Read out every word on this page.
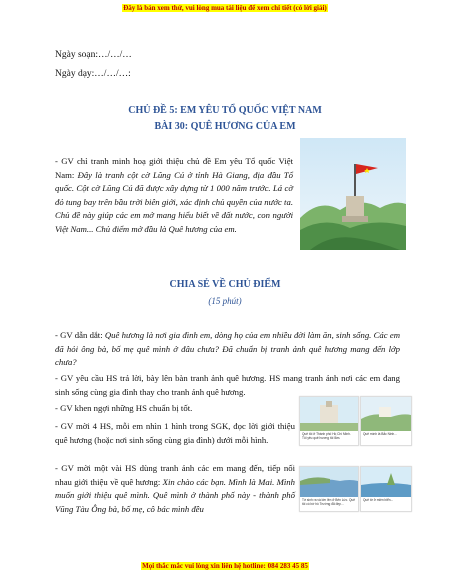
Đây là bản xem thử, vui lòng mua tài liệu để xem chi tiết (có lời giải)
Ngày soạn:…/…/…
Ngày dạy:…/…/…:
CHỦ ĐỀ 5: EM YÊU TỔ QUỐC VIỆT NAM
BÀI 30: QUÊ HƯƠNG CỦA EM
- GV chỉ tranh minh hoạ giới thiệu chủ đề Em yêu Tổ quốc Việt Nam: Đây là tranh cột cờ Lũng Cú ở tỉnh Hà Giang, địa đầu Tổ quốc. Cột cờ Lũng Cú đã được xây dựng từ 1 000 năm trước. Lá cờ đỏ tung bay trên bầu trời biên giới, xác định chủ quyền của nước ta. Chủ đề này giúp các em mở mang hiểu biết về đất nước, con người Việt Nam... Chủ điểm mở đầu là Quê hương của em.
CHIA SẺ VỀ CHỦ ĐIỂM
(15 phút)
- GV dẫn dắt: Quê hương là nơi gia đình em, dòng họ của em nhiều đời làm ăn, sinh sống. Các em đã hỏi ông bà, bố mẹ quê mình ở đâu chưa? Đã chuẩn bị tranh ảnh quê hương mang đến lớp chưa?
- GV yêu cầu HS trả lời, bày lên bàn tranh ảnh quê hương. HS mang tranh ảnh nơi các em đang sinh sống cùng gia đình thay cho tranh ảnh quê hương.
- GV khen ngợi những HS chuẩn bị tốt.
- GV mời 4 HS, mỗi em nhìn 1 hình trong SGK, đọc lời giới thiệu quê hương (hoặc nơi sinh sống cùng gia đình) dưới mỗi hình.
- GV mời một vài HS dùng tranh ảnh các em mang đến, tiếp nối nhau giới thiệu về quê hương: Xin chào các bạn. Mình là Mai. Mình muốn giới thiệu quê mình. Quê mình ở thành phố này - thành phố Vũng Tàu Ông bà, bố mẹ, cô bác mình đều
Quê tôi ở Thành phố Hồ Chí Minh. Tôi yêu quê hương tôi lắm.
Quê mình là Bắc Ninh...
Tớ sinh ra và lớn lên ở Bến Lức. Quê tôi có bờ hồ Trường đã đẹp...
Quê tớ ở miền biển...
Mọi thắc mắc vui lòng xin liên hệ hotline: 084 283 45 85
